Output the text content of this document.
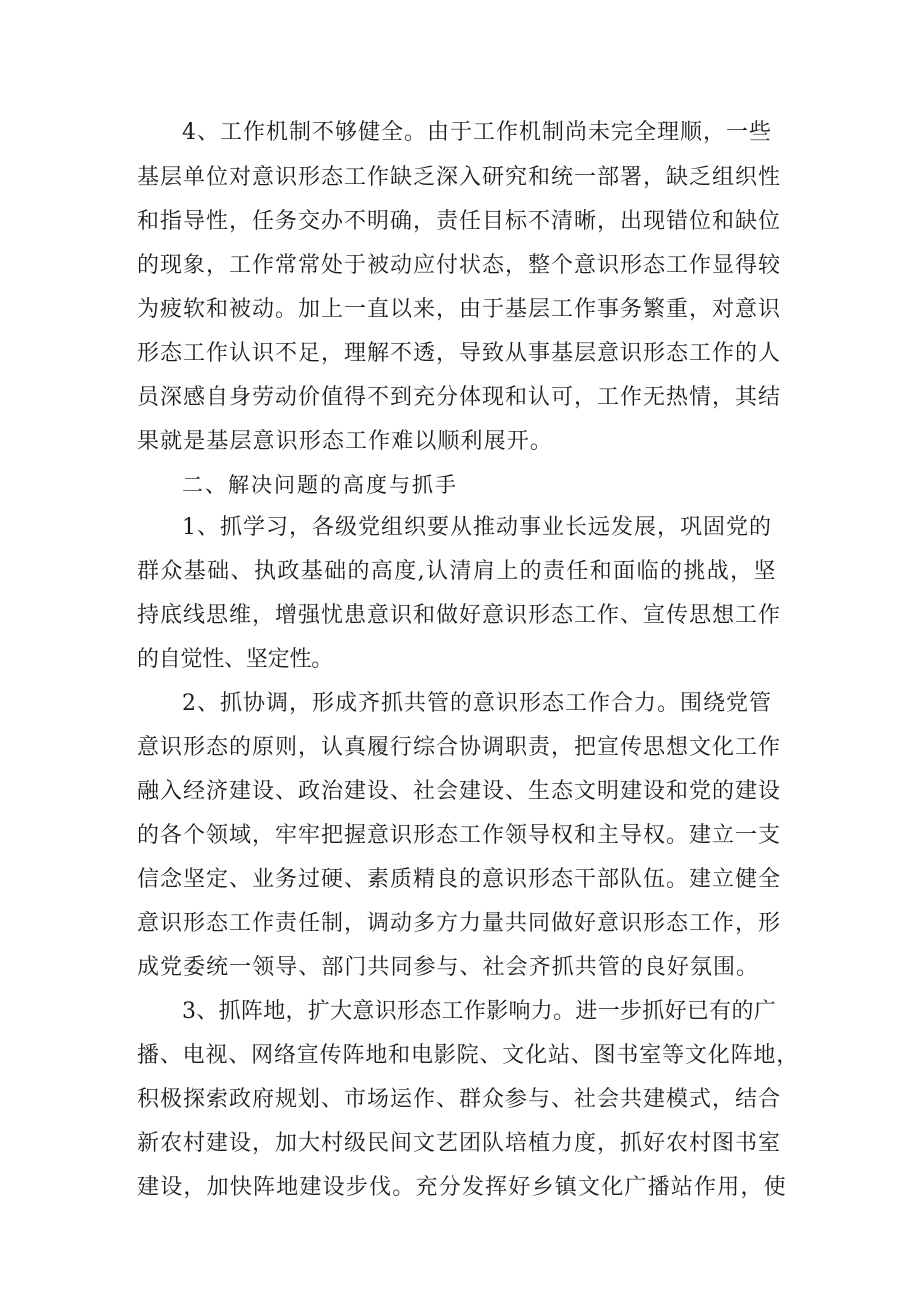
4、工作机制不够健全。由于工作机制尚未完全理顺，一些
基层单位对意识形态工作缺乏深入研究和统一部署，缺乏组织性
和指导性，任务交办不明确，责任目标不清晰，出现错位和缺位
的现象，工作常常处于被动应付状态，整个意识形态工作显得较
为疲软和被动。加上一直以来，由于基层工作事务繁重，对意识
形态工作认识不足，理解不透，导致从事基层意识形态工作的人
员深感自身劳动价值得不到充分体现和认可，工作无热情，其结
果就是基层意识形态工作难以顺利展开。
二、解决问题的高度与抓手
1、抓学习，各级党组织要从推动事业长远发展，巩固党的
群众基础、执政基础的高度,认清肩上的责任和面临的挑战，坚
持底线思维，增强忧患意识和做好意识形态工作、宣传思想工作
的自觉性、坚定性。
2、抓协调，形成齐抓共管的意识形态工作合力。围绕党管
意识形态的原则，认真履行综合协调职责，把宣传思想文化工作
融入经济建设、政治建设、社会建设、生态文明建设和党的建设
的各个领域，牢牢把握意识形态工作领导权和主导权。建立一支
信念坚定、业务过硬、素质精良的意识形态干部队伍。建立健全
意识形态工作责任制，调动多方力量共同做好意识形态工作，形
成党委统一领导、部门共同参与、社会齐抓共管的良好氛围。
3、抓阵地，扩大意识形态工作影响力。进一步抓好已有的广
播、电视、网络宣传阵地和电影院、文化站、图书室等文化阵地，
积极探索政府规划、市场运作、群众参与、社会共建模式，结合
新农村建设，加大村级民间文艺团队培植力度，抓好农村图书室
建设，加快阵地建设步伐。充分发挥好乡镇文化广播站作用，使
